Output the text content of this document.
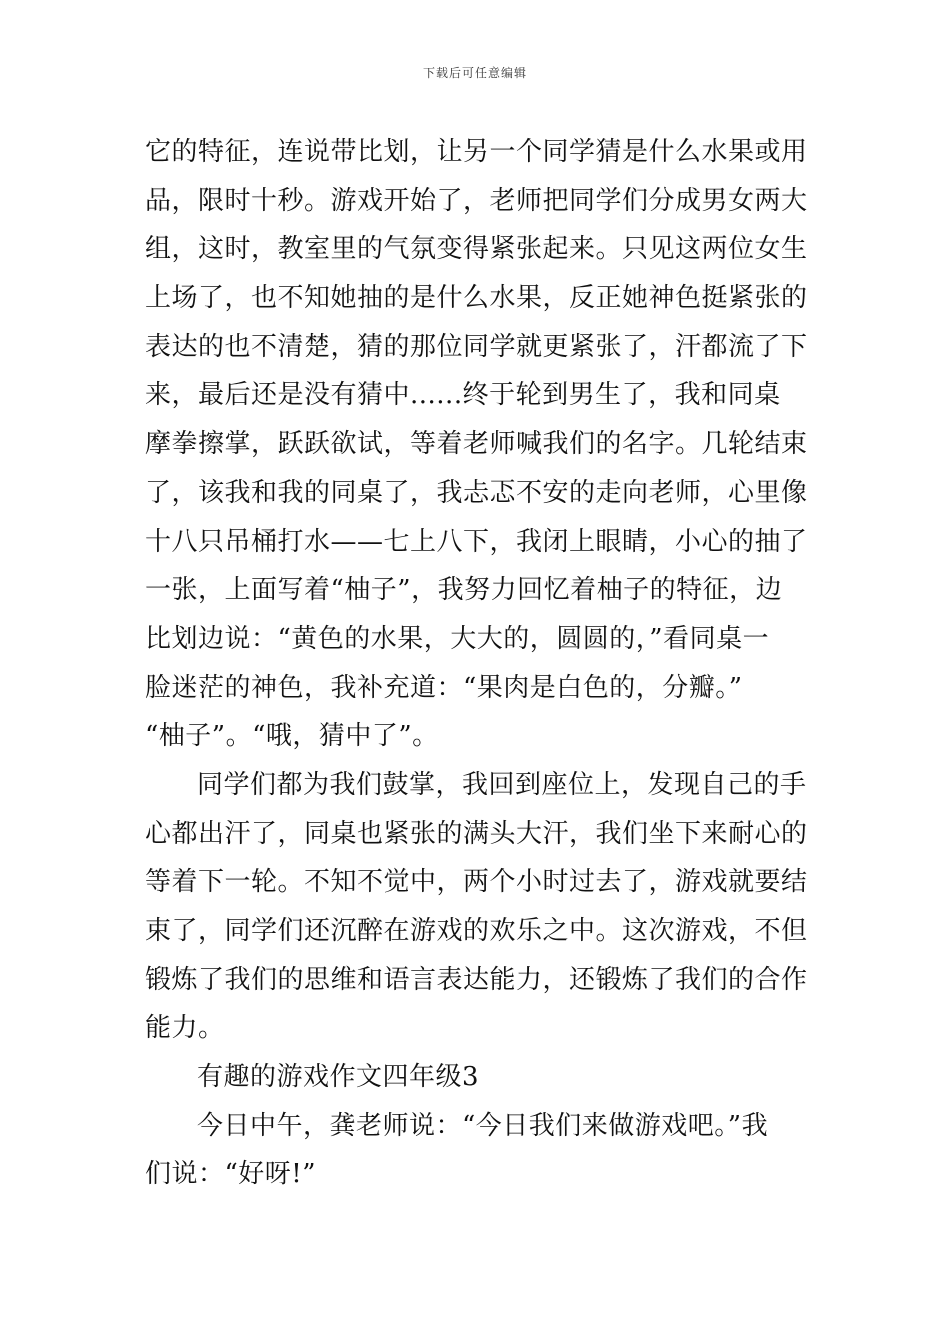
下载后可任意编辑
它的特征，连说带比划，让另一个同学猜是什么水果或用
品，限时十秒。游戏开始了，老师把同学们分成男女两大
组，这时，教室里的气氛变得紧张起来。只见这两位女生
上场了，也不知她抽的是什么水果，反正她神色挺紧张的
表达的也不清楚，猜的那位同学就更紧张了，汗都流了下
来，最后还是没有猜中......终于轮到男生了，我和同桌
摩拳擦掌，跃跃欲试，等着老师喊我们的名字。几轮结束
了，该我和我的同桌了，我忐忑不安的走向老师，心里像
十八只吊桶打水——七上八下，我闭上眼睛，小心的抽了
一张，上面写着“柚子”，我努力回忆着柚子的特征，边
比划边说：“黄色的水果，大大的，圆圆的，”看同桌一
脸迷茫的神色，我补充道：“果肉是白色的，分瓣。”
“柚子”。“哦，猜中了”。
同学们都为我们鼓掌，我回到座位上，发现自己的手
心都出汗了，同桌也紧张的满头大汗，我们坐下来耐心的
等着下一轮。不知不觉中，两个小时过去了，游戏就要结
束了，同学们还沉醉在游戏的欢乐之中。这次游戏，不但
锻炼了我们的思维和语言表达能力，还锻炼了我们的合作
能力。
有趣的游戏作文四年级3
今日中午，龚老师说：“今日我们来做游戏吧。”我
们说：“好呀!”
